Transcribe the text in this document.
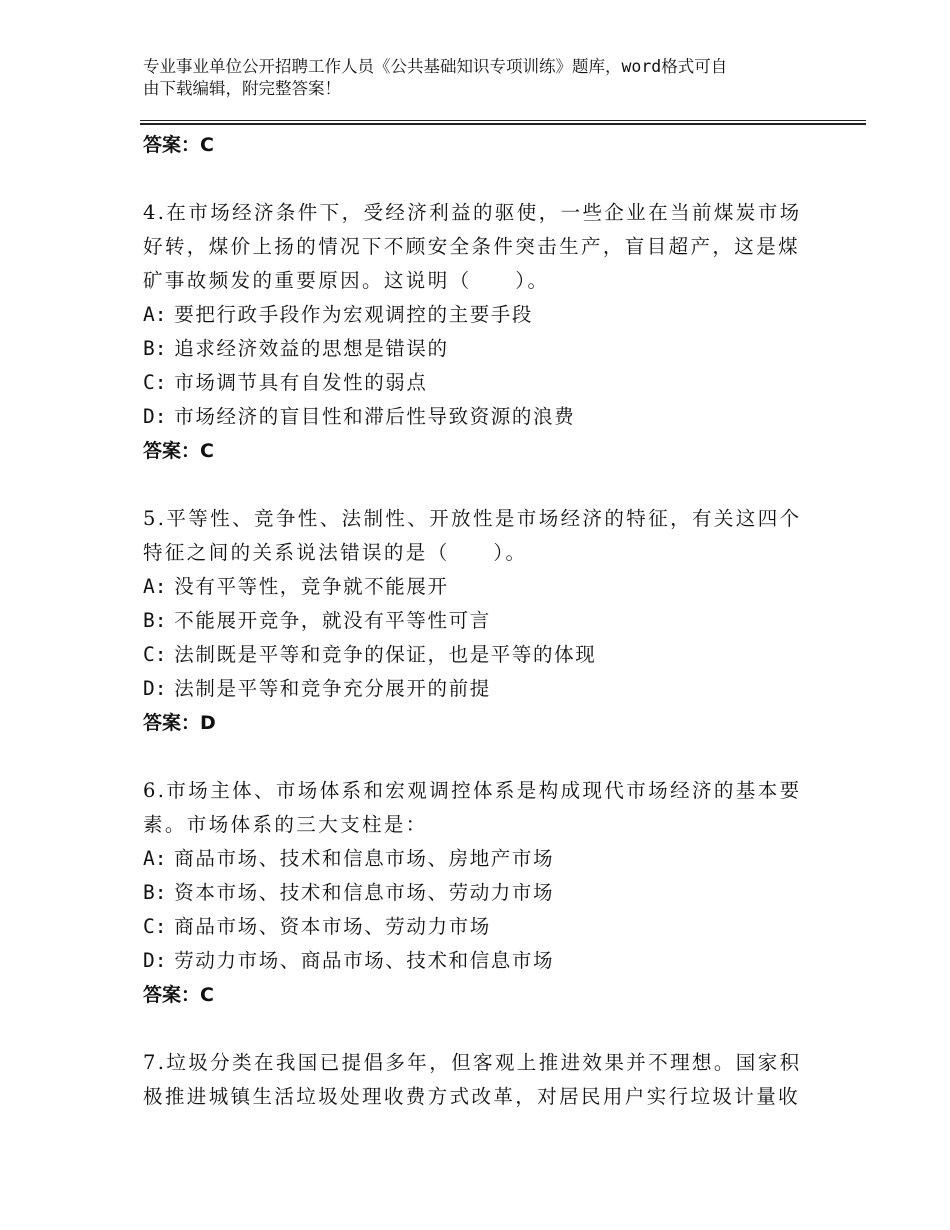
专业事业单位公开招聘工作人员《公共基础知识专项训练》题库，word格式可自
由下载编辑，附完整答案！
答案：C
4.在市场经济条件下，受经济利益的驱使，一些企业在当前煤炭市场好转，煤价上扬的情况下不顾安全条件突击生产，盲目超产，这是煤矿事故频发的重要原因。这说明（　　）。
A: 要把行政手段作为宏观调控的主要手段
B: 追求经济效益的思想是错误的
C: 市场调节具有自发性的弱点
D: 市场经济的盲目性和滞后性导致资源的浪费
答案：C
5.平等性、竞争性、法制性、开放性是市场经济的特征，有关这四个特征之间的关系说法错误的是（　　）。
A: 没有平等性，竞争就不能展开
B: 不能展开竞争，就没有平等性可言
C: 法制既是平等和竞争的保证，也是平等的体现
D: 法制是平等和竞争充分展开的前提
答案：D
6.市场主体、市场体系和宏观调控体系是构成现代市场经济的基本要素。市场体系的三大支柱是：
A: 商品市场、技术和信息市场、房地产市场
B: 资本市场、技术和信息市场、劳动力市场
C: 商品市场、资本市场、劳动力市场
D: 劳动力市场、商品市场、技术和信息市场
答案：C
7.垃圾分类在我国已提倡多年，但客观上推进效果并不理想。国家积极推进城镇生活垃圾处理收费方式改革，对居民用户实行垃圾计量收
